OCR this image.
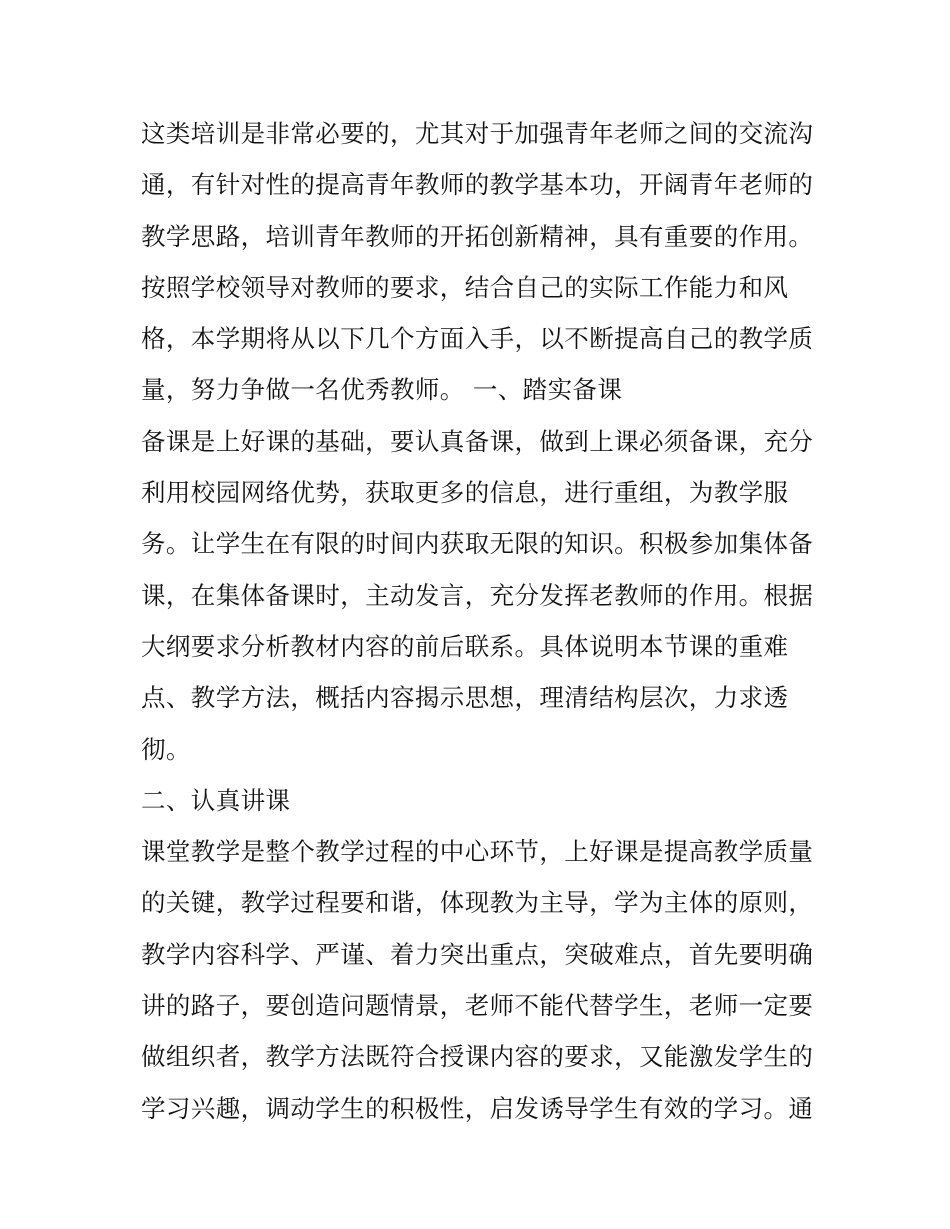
这类培训是非常必要的，尤其对于加强青年老师之间的交流沟
通，有针对性的提高青年教师的教学基本功，开阔青年老师的
教学思路，培训青年教师的开拓创新精神，具有重要的作用。
按照学校领导对教师的要求，结合自己的实际工作能力和风
格，本学期将从以下几个方面入手，以不断提高自己的教学质
量，努力争做一名优秀教师。 一、踏实备课
备课是上好课的基础，要认真备课，做到上课必须备课，充分
利用校园网络优势，获取更多的信息，进行重组，为教学服
务。让学生在有限的时间内获取无限的知识。积极参加集体备
课，在集体备课时，主动发言，充分发挥老教师的作用。根据
大纲要求分析教材内容的前后联系。具体说明本节课的重难
点、教学方法，概括内容揭示思想，理清结构层次，力求透
彻。
二、认真讲课
课堂教学是整个教学过程的中心环节，上好课是提高教学质量
的关键，教学过程要和谐，体现教为主导，学为主体的原则，
教学内容科学、严谨、着力突出重点，突破难点，首先要明确
讲的路子，要创造问题情景，老师不能代替学生，老师一定要
做组织者，教学方法既符合授课内容的要求，又能激发学生的
学习兴趣，调动学生的积极性，启发诱导学生有效的学习。通
